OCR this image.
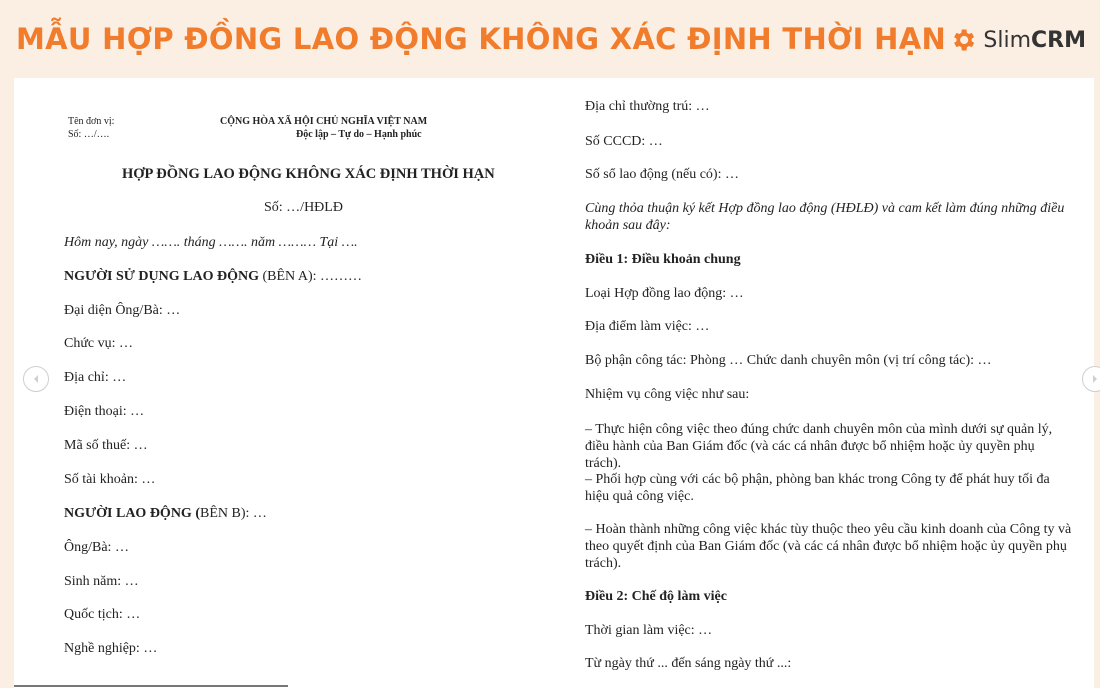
MẪU HỢP ĐỒNG LAO ĐỘNG KHÔNG XÁC ĐỊNH THỜI HẠN Slim CRM
Tên đơn vị:
Số: …/….
CỘNG HÒA XÃ HỘI CHỦ NGHĨA VIỆT NAM
Độc lập – Tự do – Hạnh phúc
HỢP ĐỒNG LAO ĐỘNG KHÔNG XÁC ĐỊNH THỜI HẠN
Số: …/HĐLĐ
Hôm nay, ngày ……. tháng ……. năm ……… Tại ….
NGƯỜI SỬ DỤNG LAO ĐỘNG (BÊN A): ………
Đại diện Ông/Bà: …
Chức vụ: …
Địa chỉ: …
Điện thoại: …
Mã số thuế: …
Số tài khoản: …
NGƯỜI LAO ĐỘNG (BÊN B): …
Ông/Bà: …
Sinh năm: …
Quốc tịch: …
Nghề nghiệp: …
Địa chỉ thường trú: …
Số CCCD: …
Số sổ lao động (nếu có): …
Cùng thỏa thuận ký kết Hợp đồng lao động (HĐLĐ) và cam kết làm đúng những điều khoản sau đây:
Điều 1: Điều khoản chung
Loại Hợp đồng lao động: …
Địa điểm làm việc: …
Bộ phận công tác: Phòng … Chức danh chuyên môn (vị trí công tác): …
Nhiệm vụ công việc như sau:
– Thực hiện công việc theo đúng chức danh chuyên môn của mình dưới sự quản lý, điều hành của Ban Giám đốc (và các cá nhân được bổ nhiệm hoặc ủy quyền phụ trách).
– Phối hợp cùng với các bộ phận, phòng ban khác trong Công ty để phát huy tối đa hiệu quả công việc.
– Hoàn thành những công việc khác tùy thuộc theo yêu cầu kinh doanh của Công ty và theo quyết định của Ban Giám đốc (và các cá nhân được bổ nhiệm hoặc ủy quyền phụ trách).
Điều 2: Chế độ làm việc
Thời gian làm việc: …
Từ ngày thứ ... đến sáng ngày thứ ...:
